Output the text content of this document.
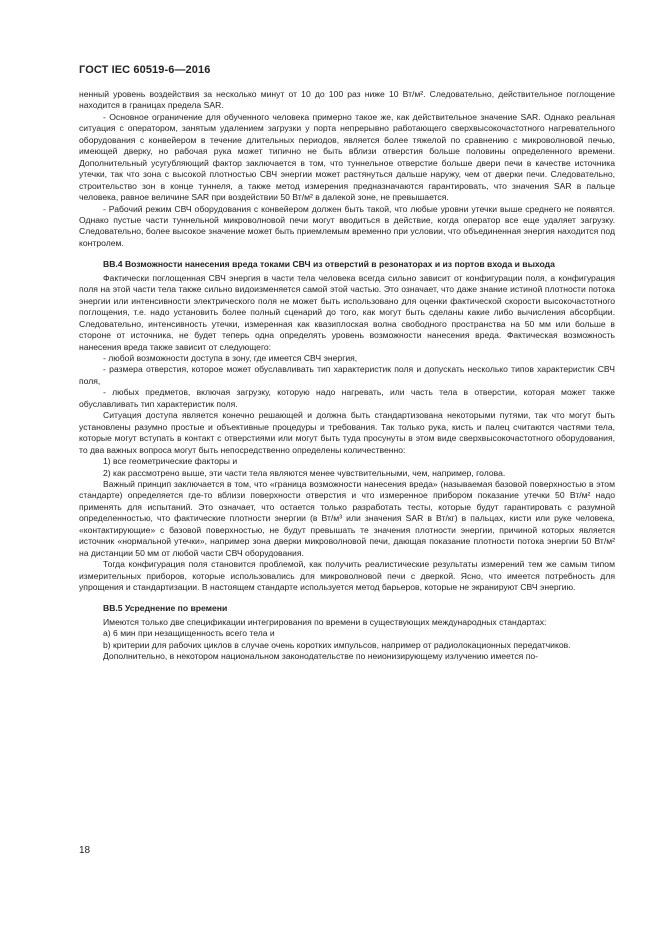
ГОСТ IEC 60519-6—2016

ненный уровень воздействия за несколько минут от 10 до 100 раз ниже 10 Вт/м². Следовательно, действительное поглощение находится в границах предела SAR.

- Основное ограничение для обученного человека примерно такое же, как действительное значение SAR. Однако реальная ситуация с оператором, занятым удалением загрузки у порта непрерывно работающего сверхвысокочастотного нагревательного оборудования с конвейером в течение длительных периодов, является более тяжелой по сравнению с микроволновой печью, имеющей дверку, но рабочая рука может типично не быть вблизи отверстия больше половины определенного времени. Дополнительный усугубляющий фактор заключается в том, что туннельное отверстие больше двери печи в качестве источника утечки, так что зона с высокой плотностью СВЧ энергии может растянуться дальше наружу, чем от дверки печи. Следовательно, строительство зон в конце туннеля, а также метод измерения предназначаются гарантировать, что значения SAR в пальце человека, равное величине SAR при воздействии 50 Вт/м² в далекой зоне, не превышается.

- Рабочий режим СВЧ оборудования с конвейером должен быть такой, что любые уровни утечки выше среднего не появятся. Однако пустые части туннельной микроволновой печи могут вводиться в действие, когда оператор все еще удаляет загрузку. Следовательно, более высокое значение может быть приемлемым временно при условии, что объединенная энергия находится под контролем.

ВВ.4 Возможности нанесения вреда токами СВЧ из отверстий в резонаторах и из портов входа и выхода

Фактически поглощенная СВЧ энергия в части тела человека всегда сильно зависит от конфигурации поля, а конфигурация поля на этой части тела также сильно видоизменяется самой этой частью. Это означает, что даже знание истиной плотности потока энергии или интенсивности электрического поля не может быть использовано для оценки фактической скорости высокочастотного поглощения, т.е. надо установить более полный сценарий до того, как могут быть сделаны какие либо вычисления абсорбции. Следовательно, интенсивность утечки, измеренная как квазиплоская волна свободного пространства на 50 мм или больше в стороне от источника, не будет теперь одна определять уровень возможности нанесения вреда. Фактическая возможность нанесения вреда также зависит от следующего:

- любой возможности доступа в зону, где имеется СВЧ энергия,

- размера отверстия, которое может обуславливать тип характеристик поля и допускать несколько типов характеристик СВЧ поля,

- любых предметов, включая загрузку, которую надо нагревать, или часть тела в отверстии, которая может также обуславливать тип характеристик поля.

Ситуация доступа является конечно решающей и должна быть стандартизована некоторыми путями, так что могут быть установлены разумно простые и объективные процедуры и требования. Так только рука, кисть и палец считаются частями тела, которые могут вступать в контакт с отверстиями или могут быть туда просунуты в этом виде сверхвысокочастотного оборудования, то два важных вопроса могут быть непосредственно определены количественно:

1) все геометрические факторы и

2) как рассмотрено выше, эти части тела являются менее чувствительными, чем, например, голова.

Важный принцип заключается в том, что «граница возможности нанесения вреда» (называемая базовой поверхностью в этом стандарте) определяется где-то вблизи поверхности отверстия и что измеренное прибором показание утечки 50 Вт/м² надо применять для испытаний. Это означает, что остается только разработать тесты, которые будут гарантировать с разумной определенностью, что фактические плотности энергии (в Вт/м³ или значения SAR в Вт/кг) в пальцах, кисти или руке человека, «контактирующие» с базовой поверхностью, не будут превышать те значения плотности энергии, причиной которых является источник «нормальной утечки», например зона дверки микроволновой печи, дающая показание плотности потока энергии 50 Вт/м² на дистанции 50 мм от любой части СВЧ оборудования.

Тогда конфигурация поля становится проблемой, как получить реалистические результаты измерений тем же самым типом измерительных приборов, которые использовались для микроволновой печи с дверкой. Ясно, что имеется потребность для упрощения и стандартизации. В настоящем стандарте используется метод барьеров, которые не экранируют СВЧ энергию.

ВВ.5 Усреднение по времени

Имеются только две спецификации интегрирования по времени в существующих международных стандартах:

a) 6 мин при незащищенность всего тела и

b) критерии для рабочих циклов в случае очень коротких импульсов, например от радиолокационных передатчиков.

Дополнительно, в некотором национальном законодательстве по неионизирующему излучению имеется по-

18
